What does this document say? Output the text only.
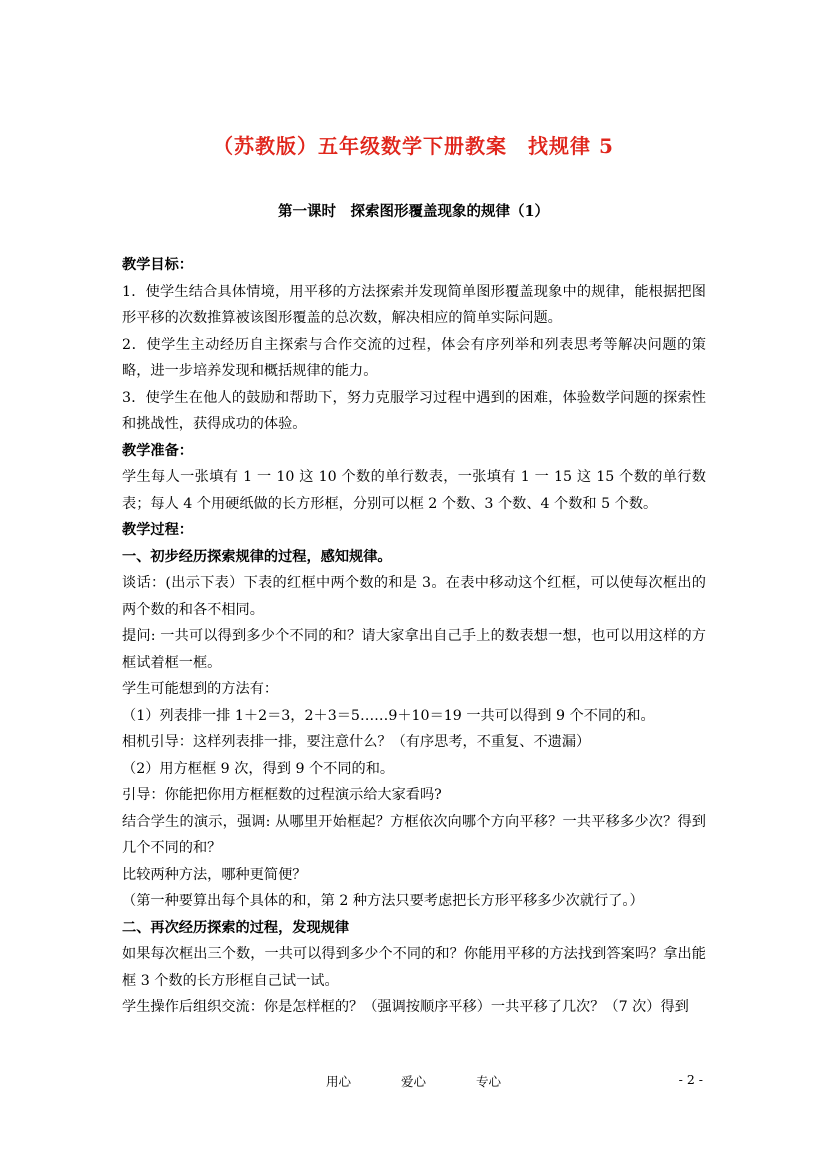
（苏教版）五年级数学下册教案　找规律 5
第一课时　探索图形覆盖现象的规律（1）

教学目标：

1．使学生结合具体情境，用平移的方法探索并发现简单图形覆盖现象中的规律，能根据把图形平移的次数推算被该图形覆盖的总次数，解决相应的简单实际问题。

2．使学生主动经历自主探索与合作交流的过程，体会有序列举和列表思考等解决问题的策略，进一步培养发现和概括规律的能力。

3．使学生在他人的鼓励和帮助下，努力克服学习过程中遇到的困难，体验数学问题的探索性和挑战性，获得成功的体验。

教学准备：

学生每人一张填有 1 一 10 这 10 个数的单行数表，一张填有 1 一 15 这 15 个数的单行数表；每人 4 个用硬纸做的长方形框，分别可以框 2 个数、3 个数、4 个数和 5 个数。

教学过程：

一、初步经历探索规律的过程，感知规律。

谈话：(出示下表）下表的红框中两个数的和是 3。在表中移动这个红框，可以使每次框出的两个数的和各不相同。

提问: 一共可以得到多少个不同的和？请大家拿出自己手上的数表想一想，也可以用这样的方框试着框一框。

学生可能想到的方法有：

（1）列表排一排 1＋2＝3，2＋3＝5……9＋10＝19 一共可以得到 9 个不同的和。

相机引导：这样列表排一排，要注意什么？（有序思考，不重复、不遗漏）

（2）用方框框 9 次，得到 9 个不同的和。

引导：你能把你用方框框数的过程演示给大家看吗?

结合学生的演示，强调: 从哪里开始框起？方框依次向哪个方向平移？一共平移多少次？得到几个不同的和？

比较两种方法，哪种更简便？

（第一种要算出每个具体的和，第 2 种方法只要考虑把长方形平移多少次就行了。）

二、再次经历探索的过程，发现规律

如果每次框出三个数，一共可以得到多少个不同的和？你能用平移的方法找到答案吗？拿出能框 3 个数的长方形框自己试一试。

学生操作后组织交流：你是怎样框的？（强调按顺序平移）一共平移了几次？（7 次）得到

用心	爱心	专心	- 2 -
